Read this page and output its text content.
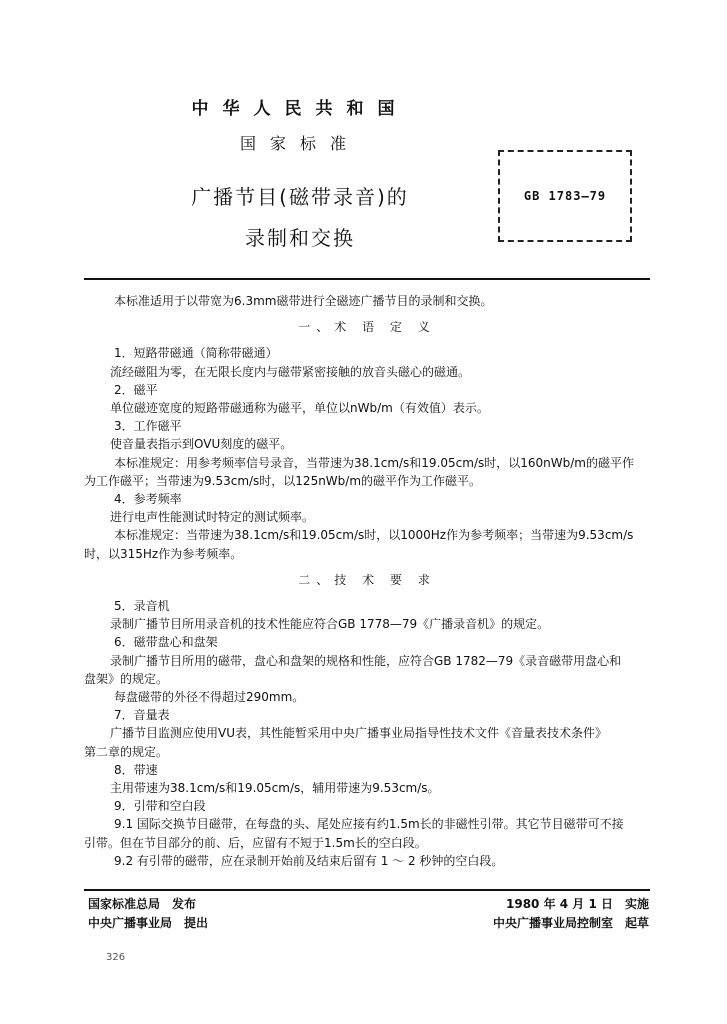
中华人民共和国
国家标准
广播节目(磁带录音)的
录制和交换
GB 1783—79

本标准适用于以带宽为6.3mm磁带进行全磁迹广播节目的录制和交换。

一、术 语 定 义

1．短路带磁通（简称带磁通）

流经磁阻为零，在无限长度内与磁带紧密接触的放音头磁心的磁通。

2．磁平

单位磁迹宽度的短路带磁通称为磁平，单位以nWb/m（有效值）表示。

3．工作磁平

使音量表指示到OVU刻度的磁平。

本标准规定：用参考频率信号录音，当带速为38.1cm/s和19.05cm/s时，以160nWb/m的磁平作

为工作磁平；当带速为9.53cm/s时，以125nWb/m的磁平作为工作磁平。

4．参考频率

进行电声性能测试时特定的测试频率。

本标准规定：当带速为38.1cm/s和19.05cm/s时，以1000Hz作为参考频率；当带速为9.53cm/s

时，以315Hz作为参考频率。

二、技 术 要 求

5．录音机

录制广播节目所用录音机的技术性能应符合GB 1778—79《广播录音机》的规定。

6．磁带盘心和盘架

录制广播节目所用的磁带，盘心和盘架的规格和性能，应符合GB 1782—79《录音磁带用盘心和

盘架》的规定。

每盘磁带的外径不得超过290mm。

7．音量表

广播节目监测应使用VU表，其性能暂采用中央广播事业局指导性技术文件《音量表技术条件》

第二章的规定。

8．带速

主用带速为38.1cm/s和19.05cm/s，辅用带速为9.53cm/s。

9．引带和空白段

9.1 国际交换节目磁带，在每盘的头、尾处应接有约1.5m长的非磁性引带。其它节目磁带可不接

引带。但在节目部分的前、后，应留有不短于1.5m长的空白段。

9.2 有引带的磁带，应在录制开始前及结束后留有 1 ～ 2 秒钟的空白段。

国家标准总局　发布
中央广播事业局　提出
1980 年 4 月 1 日　实施
中央广播事业局控制室　起草
326
